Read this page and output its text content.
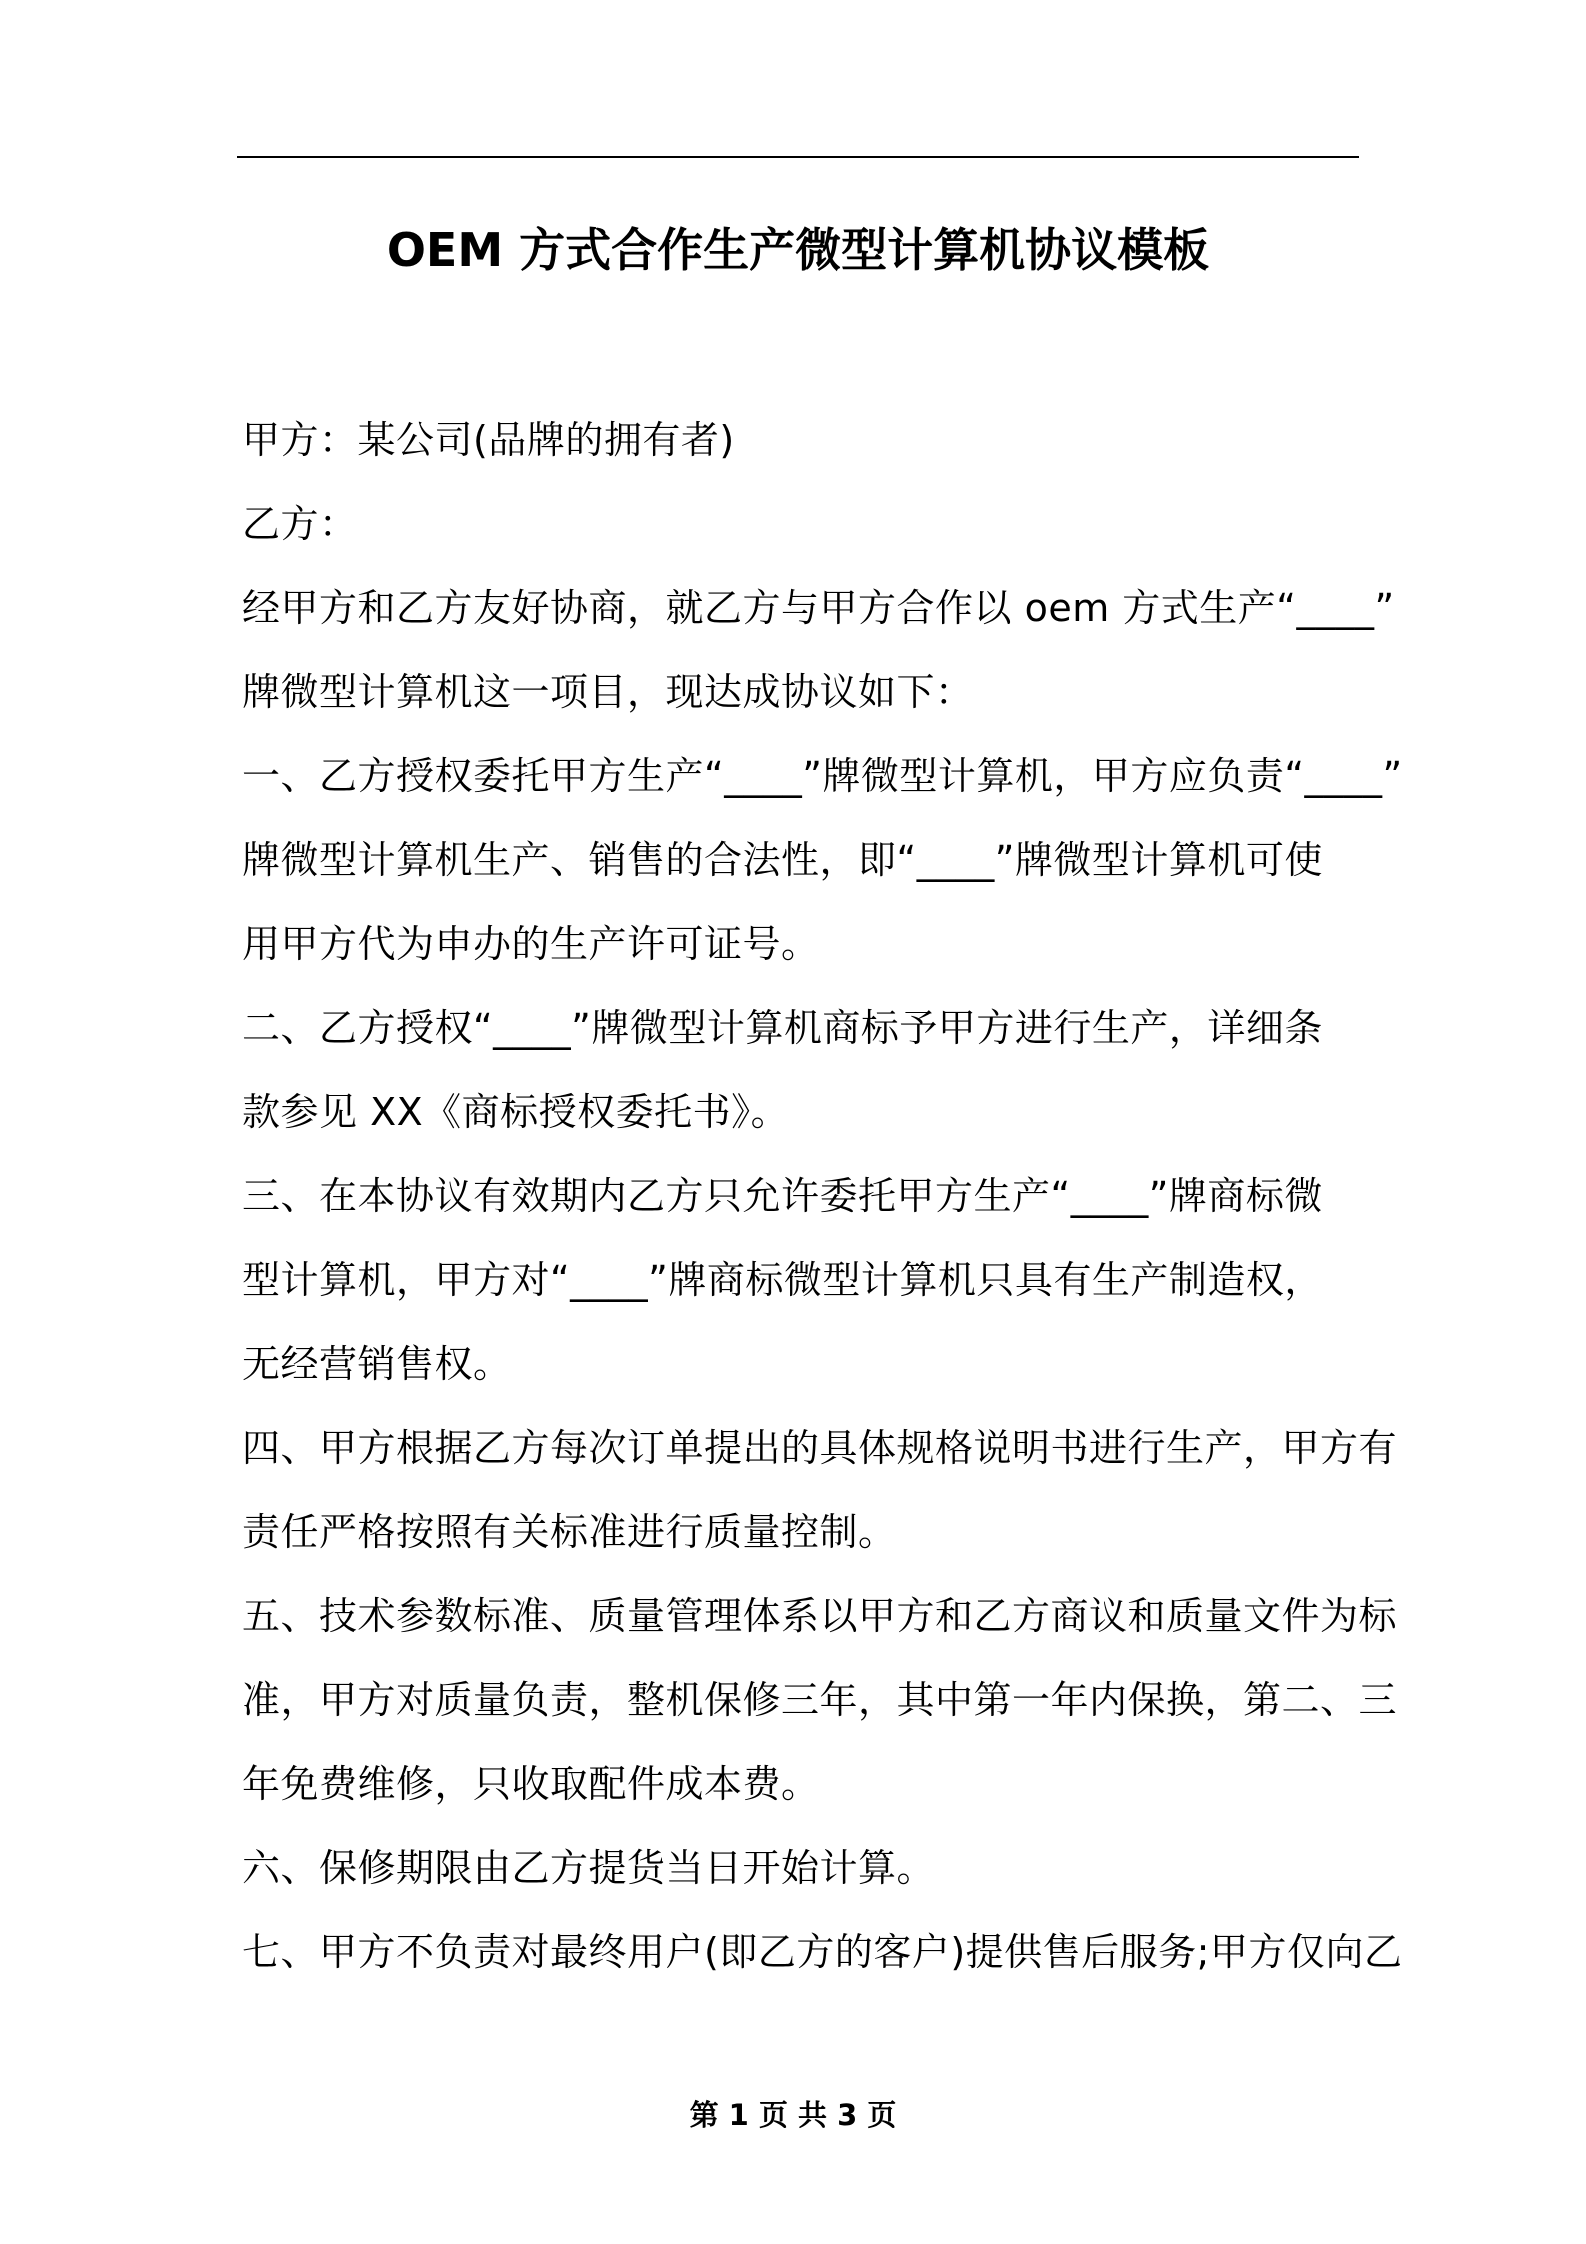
OEM 方式合作生产微型计算机协议模板
甲方：某公司(品牌的拥有者)
乙方：
经甲方和乙方友好协商，就乙方与甲方合作以 oem 方式生产“____”
牌微型计算机这一项目，现达成协议如下：
一、乙方授权委托甲方生产“____”牌微型计算机，甲方应负责“____”
牌微型计算机生产、销售的合法性，即“____”牌微型计算机可使
用甲方代为申办的生产许可证号。
二、乙方授权“____”牌微型计算机商标予甲方进行生产，详细条
款参见 XX《商标授权委托书》。
三、在本协议有效期内乙方只允许委托甲方生产“____”牌商标微
型计算机，甲方对“____”牌商标微型计算机只具有生产制造权，
无经营销售权。
四、甲方根据乙方每次订单提出的具体规格说明书进行生产，甲方有
责任严格按照有关标准进行质量控制。
五、技术参数标准、质量管理体系以甲方和乙方商议和质量文件为标
准，甲方对质量负责，整机保修三年，其中第一年内保换，第二、三
年免费维修，只收取配件成本费。
六、保修期限由乙方提货当日开始计算。
七、甲方不负责对最终用户(即乙方的客户)提供售后服务;甲方仅向乙
第 1 页 共 3 页
